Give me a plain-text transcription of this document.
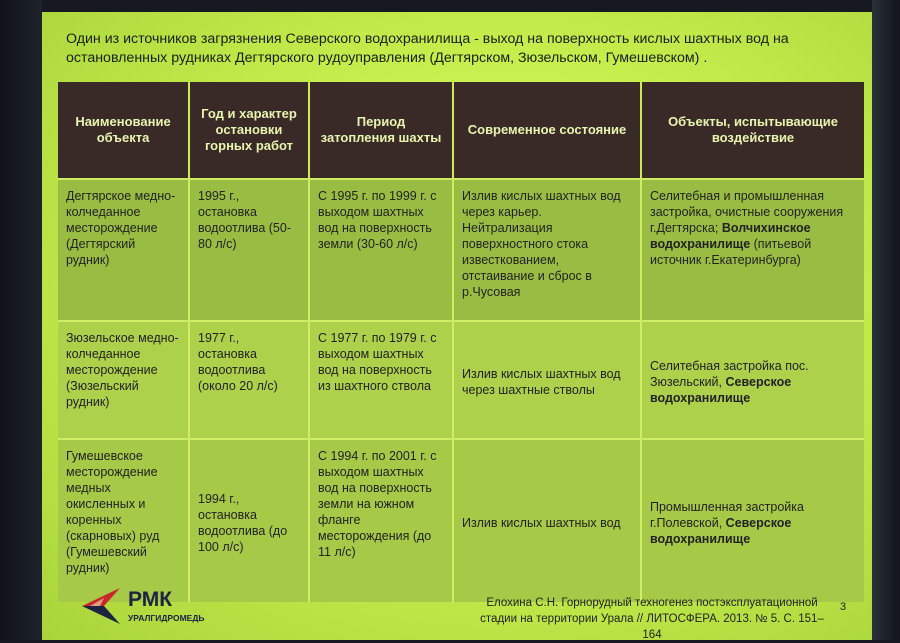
Один из источников загрязнения Северского водохранилища - выход на поверхность кислых шахтных вод на остановленных рудниках Дегтярского рудоуправления (Дегтярском, Зюзельском, Гумешевском) .
Наименование объекта	Год и характер остановки горных работ	Период затопления шахты	Современное состояние	Объекты, испытывающие воздействие
Дегтярское медно-колчеданное месторождение (Дегтярский рудник)	1995 г., остановка водоотлива (50-80 л/с)	С 1995 г. по 1999 г. с выходом шахтных вод на поверхность земли (30-60 л/с)	Излив кислых шахтных вод через карьер. Нейтрализация поверхностного стока известкованием, отстаивание и сброс в р.Чусовая	Селитебная и промышленная застройка, очистные сооружения г.Дегтярска; Волчихинское водохранилище (питьевой источник г.Екатеринбурга)
Зюзельское медно-колчеданное месторождение (Зюзельский рудник)	1977 г., остановка водоотлива (около 20 л/с)	С 1977 г. по 1979 г. с выходом шахтных вод на поверхность из шахтного ствола	Излив кислых шахтных вод через шахтные стволы	Селитебная застройка пос. Зюзельский, Северское водохранилище
Гумешевское месторождение медных окисленных и коренных (скарновых) руд (Гумешевский рудник)	1994 г., остановка водоотлива (до 100 л/с)	С 1994 г. по 2001 г. с выходом шахтных вод на поверхность земли на южном фланге месторождения (до 11 л/с)	Излив кислых шахтных вод	Промышленная застройка г.Полевской, Северское водохранилище
РМК
УРАЛГИДРОМЕДЬ
Елохина С.Н. Горнорудный техногенез постэксплуатационной стадии на территории Урала // ЛИТОСФЕРА. 2013. № 5. С. 151–164
3
